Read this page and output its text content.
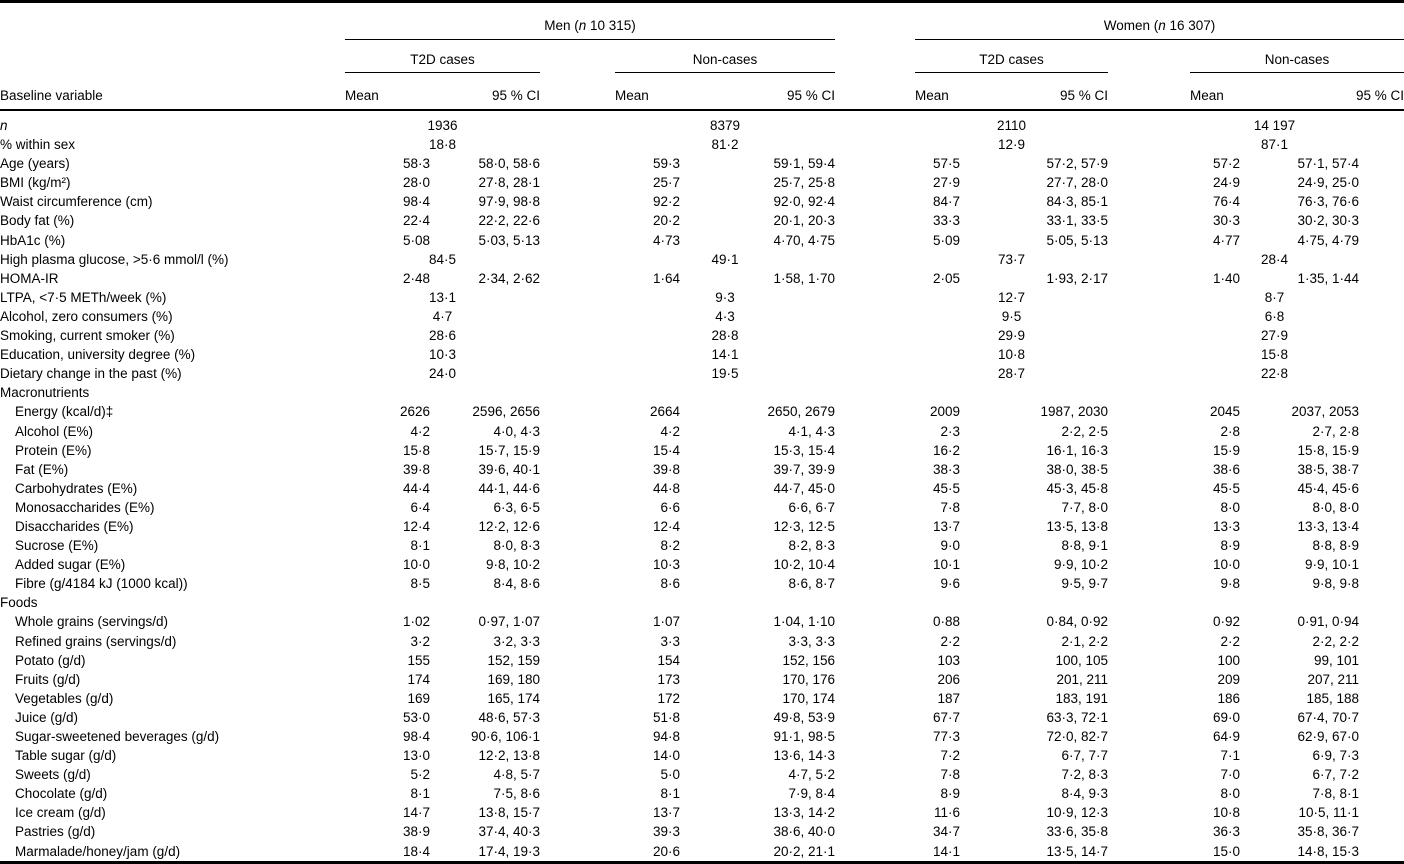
Baseline variable	Men (n 10 315)						Women (n 16 307)				
	T2D cases			Non-cases			T2D cases			Non-cases	
	Mean	95 % CI		Mean	95 % CI		Mean	95 % CI		Mean	95 % CI
n	1936			8379			2110			14 197	
% within sex	18·8			81·2			12·9			87·1	
Age (years)	58·3	58·0, 58·6		59·3	59·1, 59·4		57·5	57·2, 57·9		57·2	57·1, 57·4
BMI (kg/m²)	28·0	27·8, 28·1		25·7	25·7, 25·8		27·9	27·7, 28·0		24·9	24·9, 25·0
Waist circumference (cm)	98·4	97·9, 98·8		92·2	92·0, 92·4		84·7	84·3, 85·1		76·4	76·3, 76·6
Body fat (%)	22·4	22·2, 22·6		20·2	20·1, 20·3		33·3	33·1, 33·5		30·3	30·2, 30·3
HbA1c (%)	5·08	5·03, 5·13		4·73	4·70, 4·75		5·09	5·05, 5·13		4·77	4·75, 4·79
High plasma glucose, >5·6 mmol/l (%)	84·5			49·1			73·7			28·4	
HOMA-IR	2·48	2·34, 2·62		1·64	1·58, 1·70		2·05	1·93, 2·17		1·40	1·35, 1·44
LTPA, <7·5 METh/week (%)	13·1			9·3			12·7			8·7	
Alcohol, zero consumers (%)	4·7			4·3			9·5			6·8	
Smoking, current smoker (%)	28·6			28·8			29·9			27·9	
Education, university degree (%)	10·3			14·1			10·8			15·8	
Dietary change in the past (%)	24·0			19·5			28·7			22·8	
Macronutrients											
Energy (kcal/d)‡	2626	2596, 2656		2664	2650, 2679		2009	1987, 2030		2045	2037, 2053
Alcohol (E%)	4·2	4·0, 4·3		4·2	4·1, 4·3		2·3	2·2, 2·5		2·8	2·7, 2·8
Protein (E%)	15·8	15·7, 15·9		15·4	15·3, 15·4		16·2	16·1, 16·3		15·9	15·8, 15·9
Fat (E%)	39·8	39·6, 40·1		39·8	39·7, 39·9		38·3	38·0, 38·5		38·6	38·5, 38·7
Carbohydrates (E%)	44·4	44·1, 44·6		44·8	44·7, 45·0		45·5	45·3, 45·8		45·5	45·4, 45·6
Monosaccharides (E%)	6·4	6·3, 6·5		6·6	6·6, 6·7		7·8	7·7, 8·0		8·0	8·0, 8·0
Disaccharides (E%)	12·4	12·2, 12·6		12·4	12·3, 12·5		13·7	13·5, 13·8		13·3	13·3, 13·4
Sucrose (E%)	8·1	8·0, 8·3		8·2	8·2, 8·3		9·0	8·8, 9·1		8·9	8·8, 8·9
Added sugar (E%)	10·0	9·8, 10·2		10·3	10·2, 10·4		10·1	9·9, 10·2		10·0	9·9, 10·1
Fibre (g/4184 kJ (1000 kcal))	8·5	8·4, 8·6		8·6	8·6, 8·7		9·6	9·5, 9·7		9·8	9·8, 9·8
Foods											
Whole grains (servings/d)	1·02	0·97, 1·07		1·07	1·04, 1·10		0·88	0·84, 0·92		0·92	0·91, 0·94
Refined grains (servings/d)	3·2	3·2, 3·3		3·3	3·3, 3·3		2·2	2·1, 2·2		2·2	2·2, 2·2
Potato (g/d)	155	152, 159		154	152, 156		103	100, 105		100	99, 101
Fruits (g/d)	174	169, 180		173	170, 176		206	201, 211		209	207, 211
Vegetables (g/d)	169	165, 174		172	170, 174		187	183, 191		186	185, 188
Juice (g/d)	53·0	48·6, 57·3		51·8	49·8, 53·9		67·7	63·3, 72·1		69·0	67·4, 70·7
Sugar-sweetened beverages (g/d)	98·4	90·6, 106·1		94·8	91·1, 98·5		77·3	72·0, 82·7		64·9	62·9, 67·0
Table sugar (g/d)	13·0	12·2, 13·8		14·0	13·6, 14·3		7·2	6·7, 7·7		7·1	6·9, 7·3
Sweets (g/d)	5·2	4·8, 5·7		5·0	4·7, 5·2		7·8	7·2, 8·3		7·0	6·7, 7·2
Chocolate (g/d)	8·1	7·5, 8·6		8·1	7·9, 8·4		8·9	8·4, 9·3		8·0	7·8, 8·1
Ice cream (g/d)	14·7	13·8, 15·7		13·7	13·3, 14·2		11·6	10·9, 12·3		10·8	10·5, 11·1
Pastries (g/d)	38·9	37·4, 40·3		39·3	38·6, 40·0		34·7	33·6, 35·8		36·3	35·8, 36·7
Marmalade/honey/jam (g/d)	18·4	17·4, 19·3		20·6	20·2, 21·1		14·1	13·5, 14·7		15·0	14·8, 15·3
